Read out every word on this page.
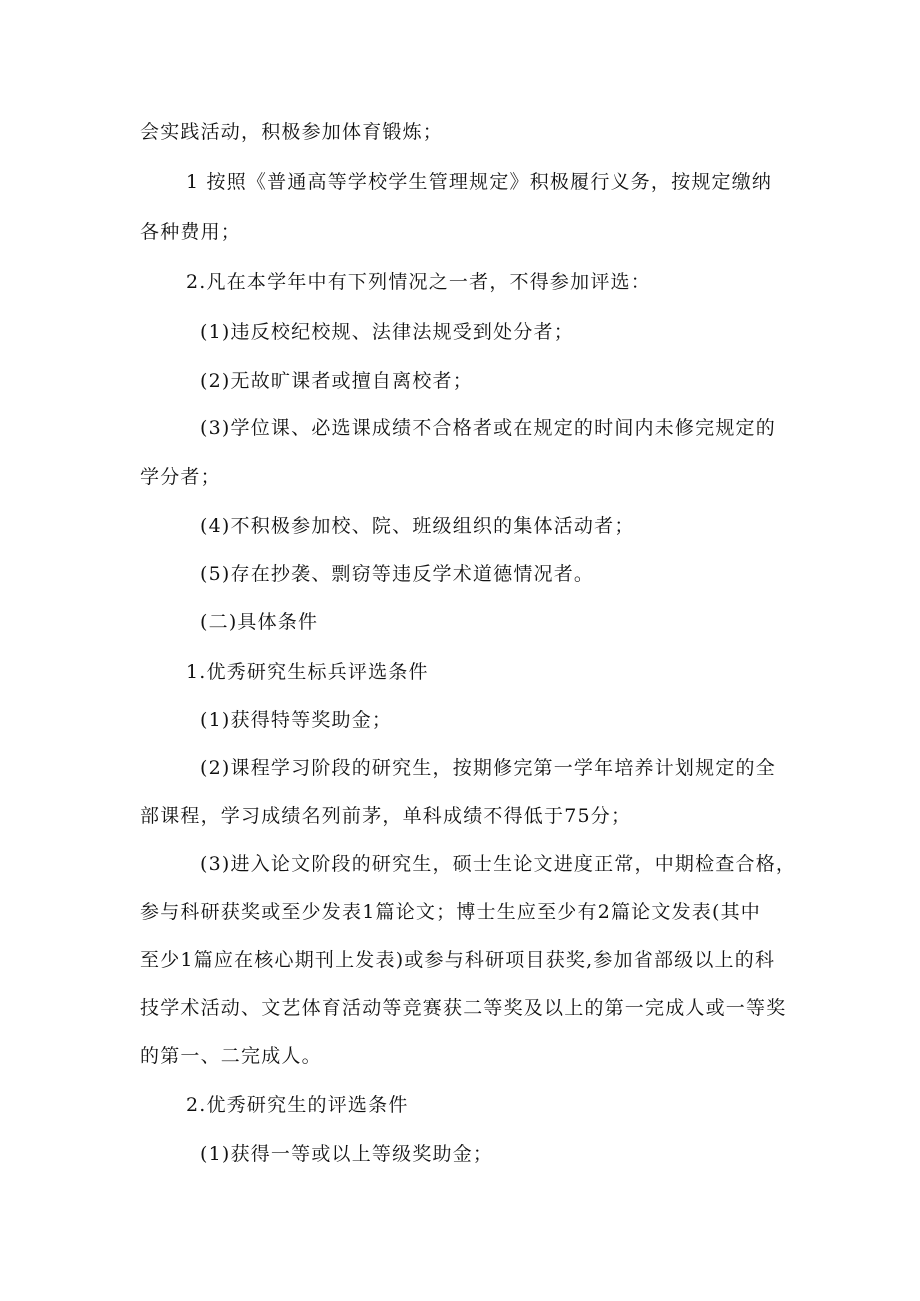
会实践活动，积极参加体育锻炼；
1 按照《普通高等学校学生管理规定》积极履行义务，按规定缴纳
各种费用；
2.凡在本学年中有下列情况之一者，不得参加评选：
(1)违反校纪校规、法律法规受到处分者；
(2)无故旷课者或擅自离校者；
(3)学位课、必选课成绩不合格者或在规定的时间内未修完规定的
学分者；
(4)不积极参加校、院、班级组织的集体活动者；
(5)存在抄袭、剽窃等违反学术道德情况者。
(二)具体条件
1.优秀研究生标兵评选条件
(1)获得特等奖助金；
(2)课程学习阶段的研究生，按期修完第一学年培养计划规定的全
部课程，学习成绩名列前茅，单科成绩不得低于75分；
(3)进入论文阶段的研究生，硕士生论文进度正常，中期检查合格，
参与科研获奖或至少发表1篇论文；博士生应至少有2篇论文发表(其中
至少1篇应在核心期刊上发表)或参与科研项目获奖,参加省部级以上的科
技学术活动、文艺体育活动等竞赛获二等奖及以上的第一完成人或一等奖
的第一、二完成人。
2.优秀研究生的评选条件
(1)获得一等或以上等级奖助金；
